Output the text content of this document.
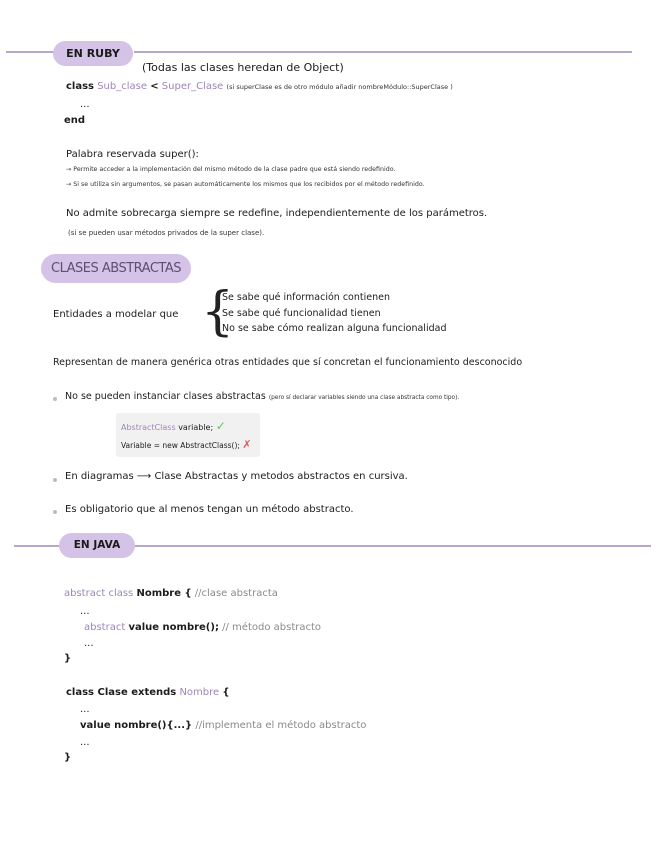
EN RUBY
(Todas las clases heredan de Object)
class Sub_clase < Super_Clase (si superClase es de otro módulo añadir nombreMódulo::SuperClase )
...
end
Palabra reservada super():
→ Permite acceder a la implementación del mismo método de la clase padre que está siendo redefinido.
→ Si se utiliza sin argumentos, se pasan automáticamente los mismos que los recibidos por el método redefinido.
No admite sobrecarga siempre se redefine, independientemente de los parámetros.
(si se pueden usar métodos privados de la super clase).
CLASES ABSTRACTAS
Entidades a modelar que {
Se sabe qué información contienen
Se sabe qué funcionalidad tienen
No se sabe cómo realizan alguna funcionalidad
Representan de manera genérica otras entidades que sí concretan el funcionamiento desconocido
No se pueden instanciar clases abstractas (pero sí declarar variables siendo una clase abstracta como tipo).
AbstractClass variable; ✓
Variable = new AbstractClass(); ✗
En diagramas ⟶ Clase Abstractas y metodos abstractos en cursiva.
Es obligatorio que al menos tengan un método abstracto.
EN JAVA
abstract class Nombre { //clase abstracta
...
abstract value nombre(); // método abstracto
...
}
class Clase extends Nombre {
...
value nombre(){...} //implementa el método abstracto
...
}
